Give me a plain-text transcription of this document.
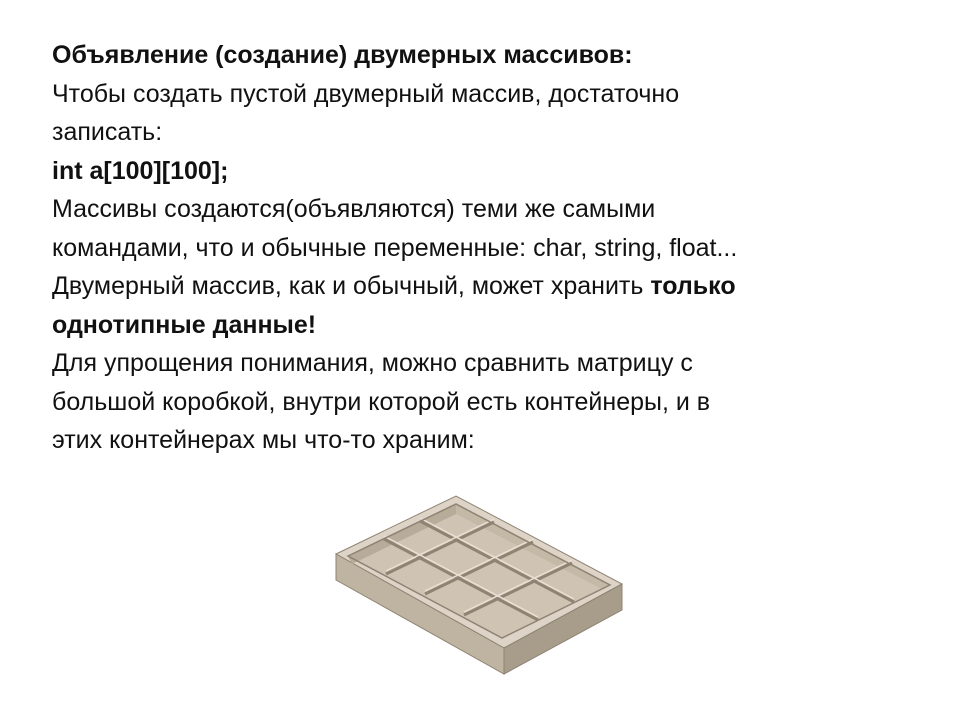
Объявление (создание) двумерных массивов:
Чтобы создать пустой двумерный массив, достаточно
записать:
int a[100][100];
Массивы создаются(объявляются) теми же самыми
командами, что и обычные переменные: char, string, float...
Двумерный массив, как и обычный, может хранить только
однотипные данные!
Для упрощения понимания, можно сравнить матрицу с
большой коробкой, внутри которой есть контейнеры, и в
этих контейнерах мы что-то храним:
